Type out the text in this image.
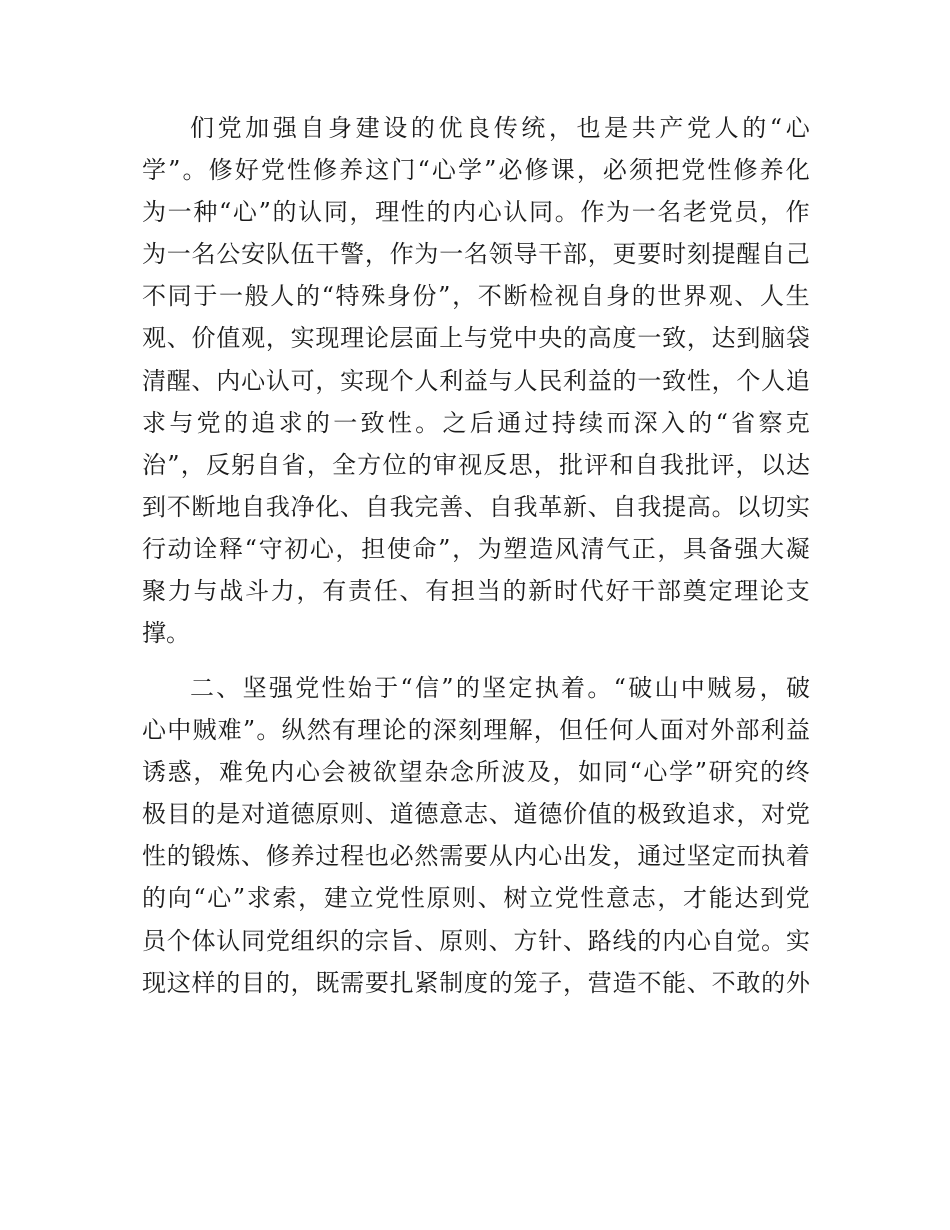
们 党 加 强 自 身 建 设 的 优 良 传 统 ， 也 是 共 产 党 人 的 “ 心
学 ” 。 修 好 党 性 修 养 这 门 “ 心 学 ” 必 修 课 ， 必 须 把 党 性 修 养 化
为 一 种 “ 心 ” 的 认 同 ， 理 性 的 内 心 认 同 。 作 为 一 名 老 党 员 ， 作
为 一 名 公 安 队 伍 干 警 ， 作 为 一 名 领 导 干 部 ， 更 要 时 刻 提 醒 自 己
不 同 于 一 般 人 的 “ 特 殊 身 份 ” ， 不 断 检 视 自 身 的 世 界 观 、 人 生
观 、 价 值 观 ， 实 现 理 论 层 面 上 与 党 中 央 的 高 度 一 致 ， 达 到 脑 袋
清 醒 、 内 心 认 可 ， 实 现 个 人 利 益 与 人 民 利 益 的 一 致 性 ， 个 人 追
求 与 党 的 追 求 的 一 致 性 。 之 后 通 过 持 续 而 深 入 的 “ 省 察 克
治 ” ， 反 躬 自 省 ， 全 方 位 的 审 视 反 思 ， 批 评 和 自 我 批 评 ， 以 达
到 不 断 地 自 我 净 化 、 自 我 完 善 、 自 我 革 新 、 自 我 提 高 。 以 切 实
行 动 诠 释 “ 守 初 心 ， 担 使 命 ” ， 为 塑 造 风 清 气 正 ， 具 备 强 大 凝
聚 力 与 战 斗 力 ， 有 责 任 、 有 担 当 的 新 时 代 好 干 部 奠 定 理 论 支
撑。
二 、 坚 强 党 性 始 于 “ 信 ” 的 坚 定 执 着 。 “ 破 山 中 贼 易 ， 破
心 中 贼 难 ” 。 纵 然 有 理 论 的 深 刻 理 解 ， 但 任 何 人 面 对 外 部 利 益
诱 惑 ， 难 免 内 心 会 被 欲 望 杂 念 所 波 及 ， 如 同 “ 心 学 ” 研 究 的 终
极 目 的 是 对 道 德 原 则 、 道 德 意 志 、 道 德 价 值 的 极 致 追 求 ， 对 党
性 的 锻 炼 、 修 养 过 程 也 必 然 需 要 从 内 心 出 发 ， 通 过 坚 定 而 执 着
的 向 “ 心 ” 求 索 ， 建 立 党 性 原 则 、 树 立 党 性 意 志 ， 才 能 达 到 党
员 个 体 认 同 党 组 织 的 宗 旨 、 原 则 、 方 针 、 路 线 的 内 心 自 觉 。 实
现 这 样 的 目 的 ， 既 需 要 扎 紧 制 度 的 笼 子 ， 营 造 不 能 、 不 敢 的 外
